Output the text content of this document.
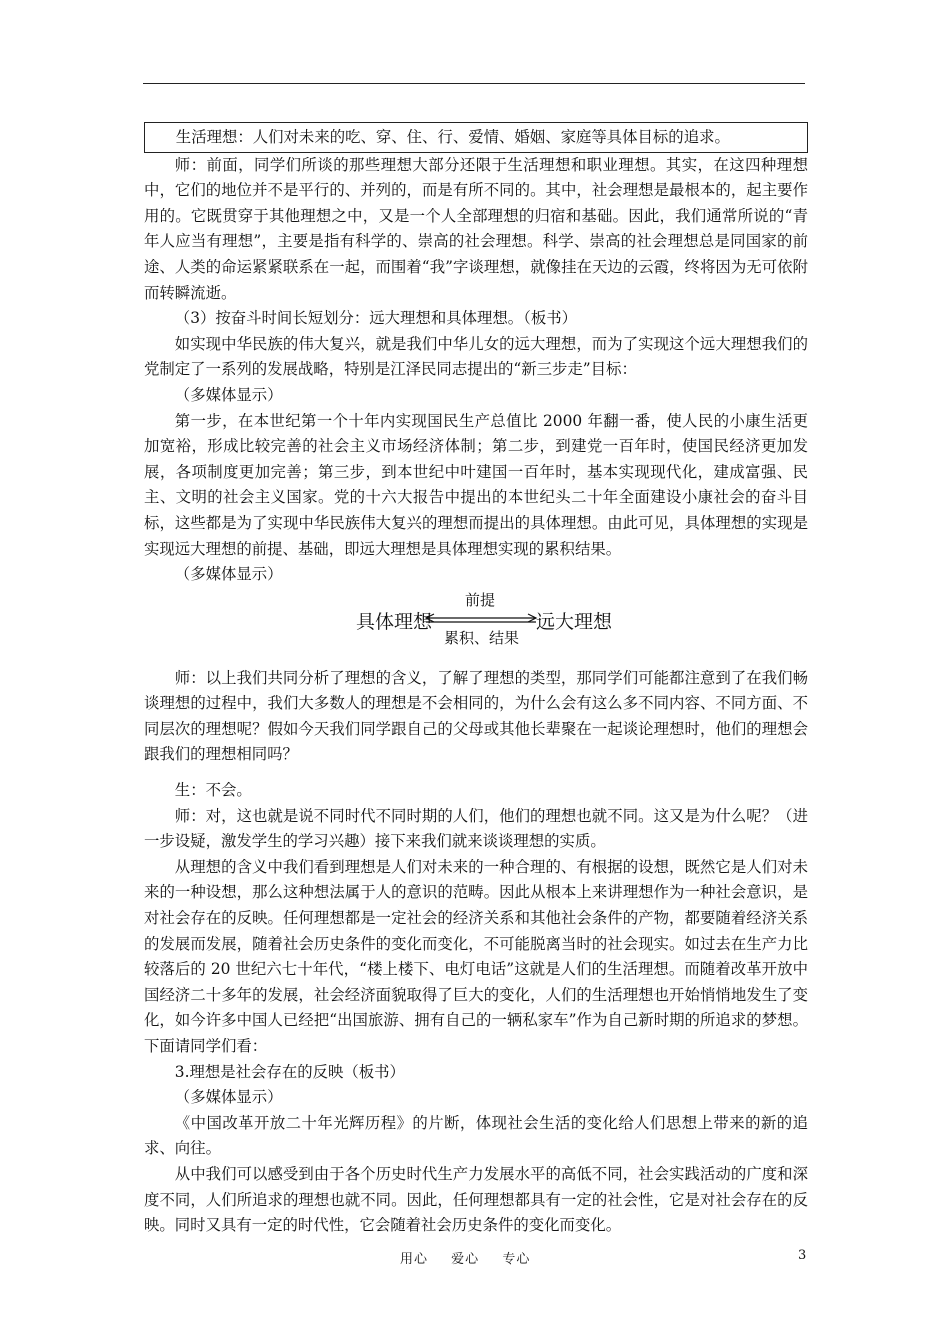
生活理想：人们对未来的吃、穿、住、行、爱情、婚姻、家庭等具体目标的追求。

师：前面，同学们所谈的那些理想大部分还限于生活理想和职业理想。其实，在这四种理想中，它们的地位并不是平行的、并列的，而是有所不同的。其中，社会理想是最根本的，起主要作用的。它既贯穿于其他理想之中，又是一个人全部理想的归宿和基础。因此，我们通常所说的“青年人应当有理想”，主要是指有科学的、崇高的社会理想。科学、崇高的社会理想总是同国家的前途、人类的命运紧紧联系在一起，而围着“我”字谈理想，就像挂在天边的云霞，终将因为无可依附而转瞬流逝。

（3）按奋斗时间长短划分：远大理想和具体理想。（板书）

如实现中华民族的伟大复兴，就是我们中华儿女的远大理想，而为了实现这个远大理想我们的党制定了一系列的发展战略，特别是江泽民同志提出的“新三步走”目标：

（多媒体显示）

第一步，在本世纪第一个十年内实现国民生产总值比 2000 年翻一番，使人民的小康生活更加宽裕，形成比较完善的社会主义市场经济体制；第二步，到建党一百年时，使国民经济更加发展，各项制度更加完善；第三步，到本世纪中叶建国一百年时，基本实现现代化，建成富强、民主、文明的社会主义国家。党的十六大报告中提出的本世纪头二十年全面建设小康社会的奋斗目标，这些都是为了实现中华民族伟大复兴的理想而提出的具体理想。由此可见，具体理想的实现是实现远大理想的前提、基础，即远大理想是具体理想实现的累积结果。

（多媒体显示）

前提
具体理想	远大理想
累积、结果

师：以上我们共同分析了理想的含义，了解了理想的类型，那同学们可能都注意到了在我们畅谈理想的过程中，我们大多数人的理想是不会相同的，为什么会有这么多不同内容、不同方面、不同层次的理想呢？假如今天我们同学跟自己的父母或其他长辈聚在一起谈论理想时，他们的理想会跟我们的理想相同吗？

生：不会。

师：对，这也就是说不同时代不同时期的人们，他们的理想也就不同。这又是为什么呢？（进一步设疑，激发学生的学习兴趣）接下来我们就来谈谈理想的实质。

从理想的含义中我们看到理想是人们对未来的一种合理的、有根据的设想，既然它是人们对未来的一种设想，那么这种想法属于人的意识的范畴。因此从根本上来讲理想作为一种社会意识，是对社会存在的反映。任何理想都是一定社会的经济关系和其他社会条件的产物，都要随着经济关系的发展而发展，随着社会历史条件的变化而变化，不可能脱离当时的社会现实。如过去在生产力比较落后的 20 世纪六七十年代，“楼上楼下、电灯电话”这就是人们的生活理想。而随着改革开放中国经济二十多年的发展，社会经济面貌取得了巨大的变化，人们的生活理想也开始悄悄地发生了变化，如今许多中国人已经把“出国旅游、拥有自己的一辆私家车”作为自己新时期的所追求的梦想。下面请同学们看：

3.理想是社会存在的反映（板书）

（多媒体显示）

《中国改革开放二十年光辉历程》的片断，体现社会生活的变化给人们思想上带来的新的追求、向往。

从中我们可以感受到由于各个历史时代生产力发展水平的高低不同，社会实践活动的广度和深度不同，人们所追求的理想也就不同。因此，任何理想都具有一定的社会性，它是对社会存在的反映。同时又具有一定的时代性，它会随着社会历史条件的变化而变化。

用心 爱心 专心	3
